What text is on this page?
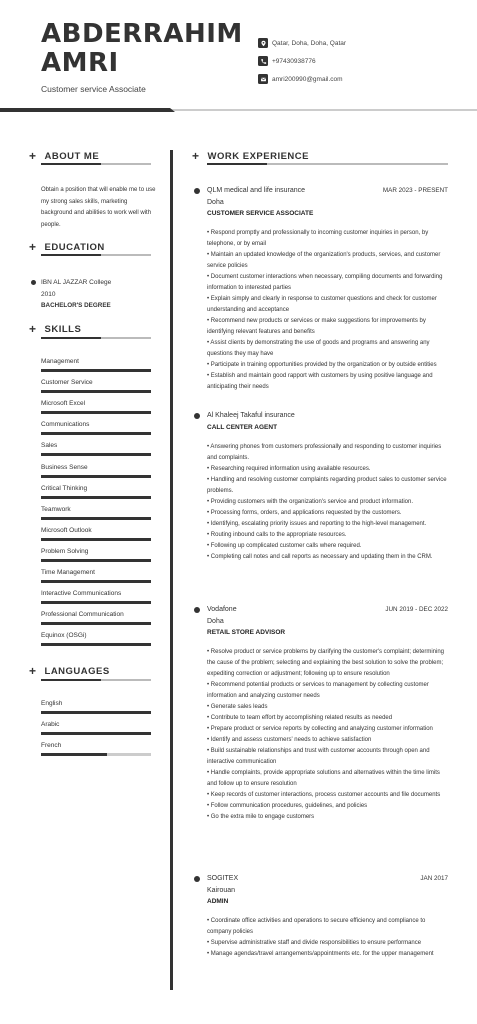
ABDERRAHIM
AMRI
Customer service Associate
Qatar, Doha, Doha, Qatar
+97430938776
amri200990@gmail.com
+ ABOUT ME
Obtain a position that will enable me to use my strong sales skills, marketing background and abilities to work well with people.
+ EDUCATION
IBN AL JAZZAR College
2010
BACHELOR'S DEGREE
+ SKILLS
Management
Customer Service
Microsoft Excel
Communications
Sales
Business Sense
Critical Thinking
Teamwork
Microsoft Outlook
Problem Solving
Time Management
Interactive Communications
Professional Communication
Equinox (OSGi)
+ LANGUAGES
English
Arabic
French
+ WORK EXPERIENCE
QLM medical and life insurance	MAR 2023 - PRESENT
Doha
CUSTOMER SERVICE ASSOCIATE
• Respond promptly and professionally to incoming customer inquiries in person, by telephone, or by email
• Maintain an updated knowledge of the organization's products, services, and customer service policies
• Document customer interactions when necessary, compiling documents and forwarding information to interested parties
• Explain simply and clearly in response to customer questions and check for customer understanding and acceptance
• Recommend new products or services or make suggestions for improvements by identifying relevant features and benefits
• Assist clients by demonstrating the use of goods and programs and answering any questions they may have
• Participate in training opportunities provided by the organization or by outside entities
• Establish and maintain good rapport with customers by using positive language and anticipating their needs
Al Khaleej Takaful insurance
CALL CENTER AGENT
• Answering phones from customers professionally and responding to customer inquiries and complaints.
• Researching required information using available resources.
• Handling and resolving customer complaints regarding product sales to customer service problems.
• Providing customers with the organization's service and product information.
• Processing forms, orders, and applications requested by the customers.
• Identifying, escalating priority issues and reporting to the high-level management.
• Routing inbound calls to the appropriate resources.
• Following up complicated customer calls where required.
• Completing call notes and call reports as necessary and updating them in the CRM.
Vodafone	JUN 2019 - DEC 2022
Doha
RETAIL STORE ADVISOR
• Resolve product or service problems by clarifying the customer's complaint; determining the cause of the problem; selecting and explaining the best solution to solve the problem; expediting correction or adjustment; following up to ensure resolution
• Recommend potential products or services to management by collecting customer information and analyzing customer needs
• Generate sales leads
• Contribute to team effort by accomplishing related results as needed
• Prepare product or service reports by collecting and analyzing customer information
• Identify and assess customers' needs to achieve satisfaction
• Build sustainable relationships and trust with customer accounts through open and interactive communication
• Handle complaints, provide appropriate solutions and alternatives within the time limits and follow up to ensure resolution
• Keep records of customer interactions, process customer accounts and file documents
• Follow communication procedures, guidelines, and policies
• Go the extra mile to engage customers
SOGITEX	JAN 2017
Kairouan
ADMIN
• Coordinate office activities and operations to secure efficiency and compliance to company policies
• Supervise administrative staff and divide responsibilities to ensure performance
• Manage agendas/travel arrangements/appointments etc. for the upper management
